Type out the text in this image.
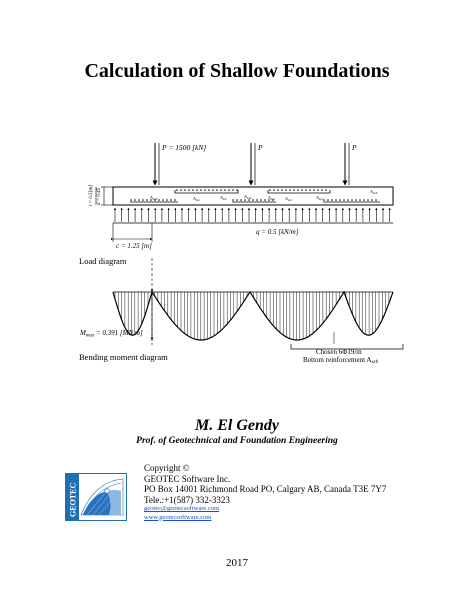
Calculation of Shallow Foundations
P = 1500 [kN]	P	P
$A_{sxb}$	$A_{sxt}$	$A_{sxt}$	$A_{sxb}$	$A_{sxt}$ $A_{sxt}$	$A_{sxt}$
$A_{sxb}$
t = 0.5[m] d = 0.45
q = 0.5 [kN/m]
c = 1.25 [m]
Load diagram
$M_{max} = 0.391$ [MN.m]
Bending moment diagram	Chosen 6Φ19/m
Bottom reinforcement Asxb
M. El Gendy
Prof. of Geotechnical and Foundation Engineering
GEOTEC
Copyright ©
GEOTEC Software Inc.
PO Box 14001 Richmond Road PO, Calgary AB, Canada T3E 7Y7
Tele.:+1(587) 332-3323
geotec@geotecsoftware.com
www.geotecsoftware.com
2017
